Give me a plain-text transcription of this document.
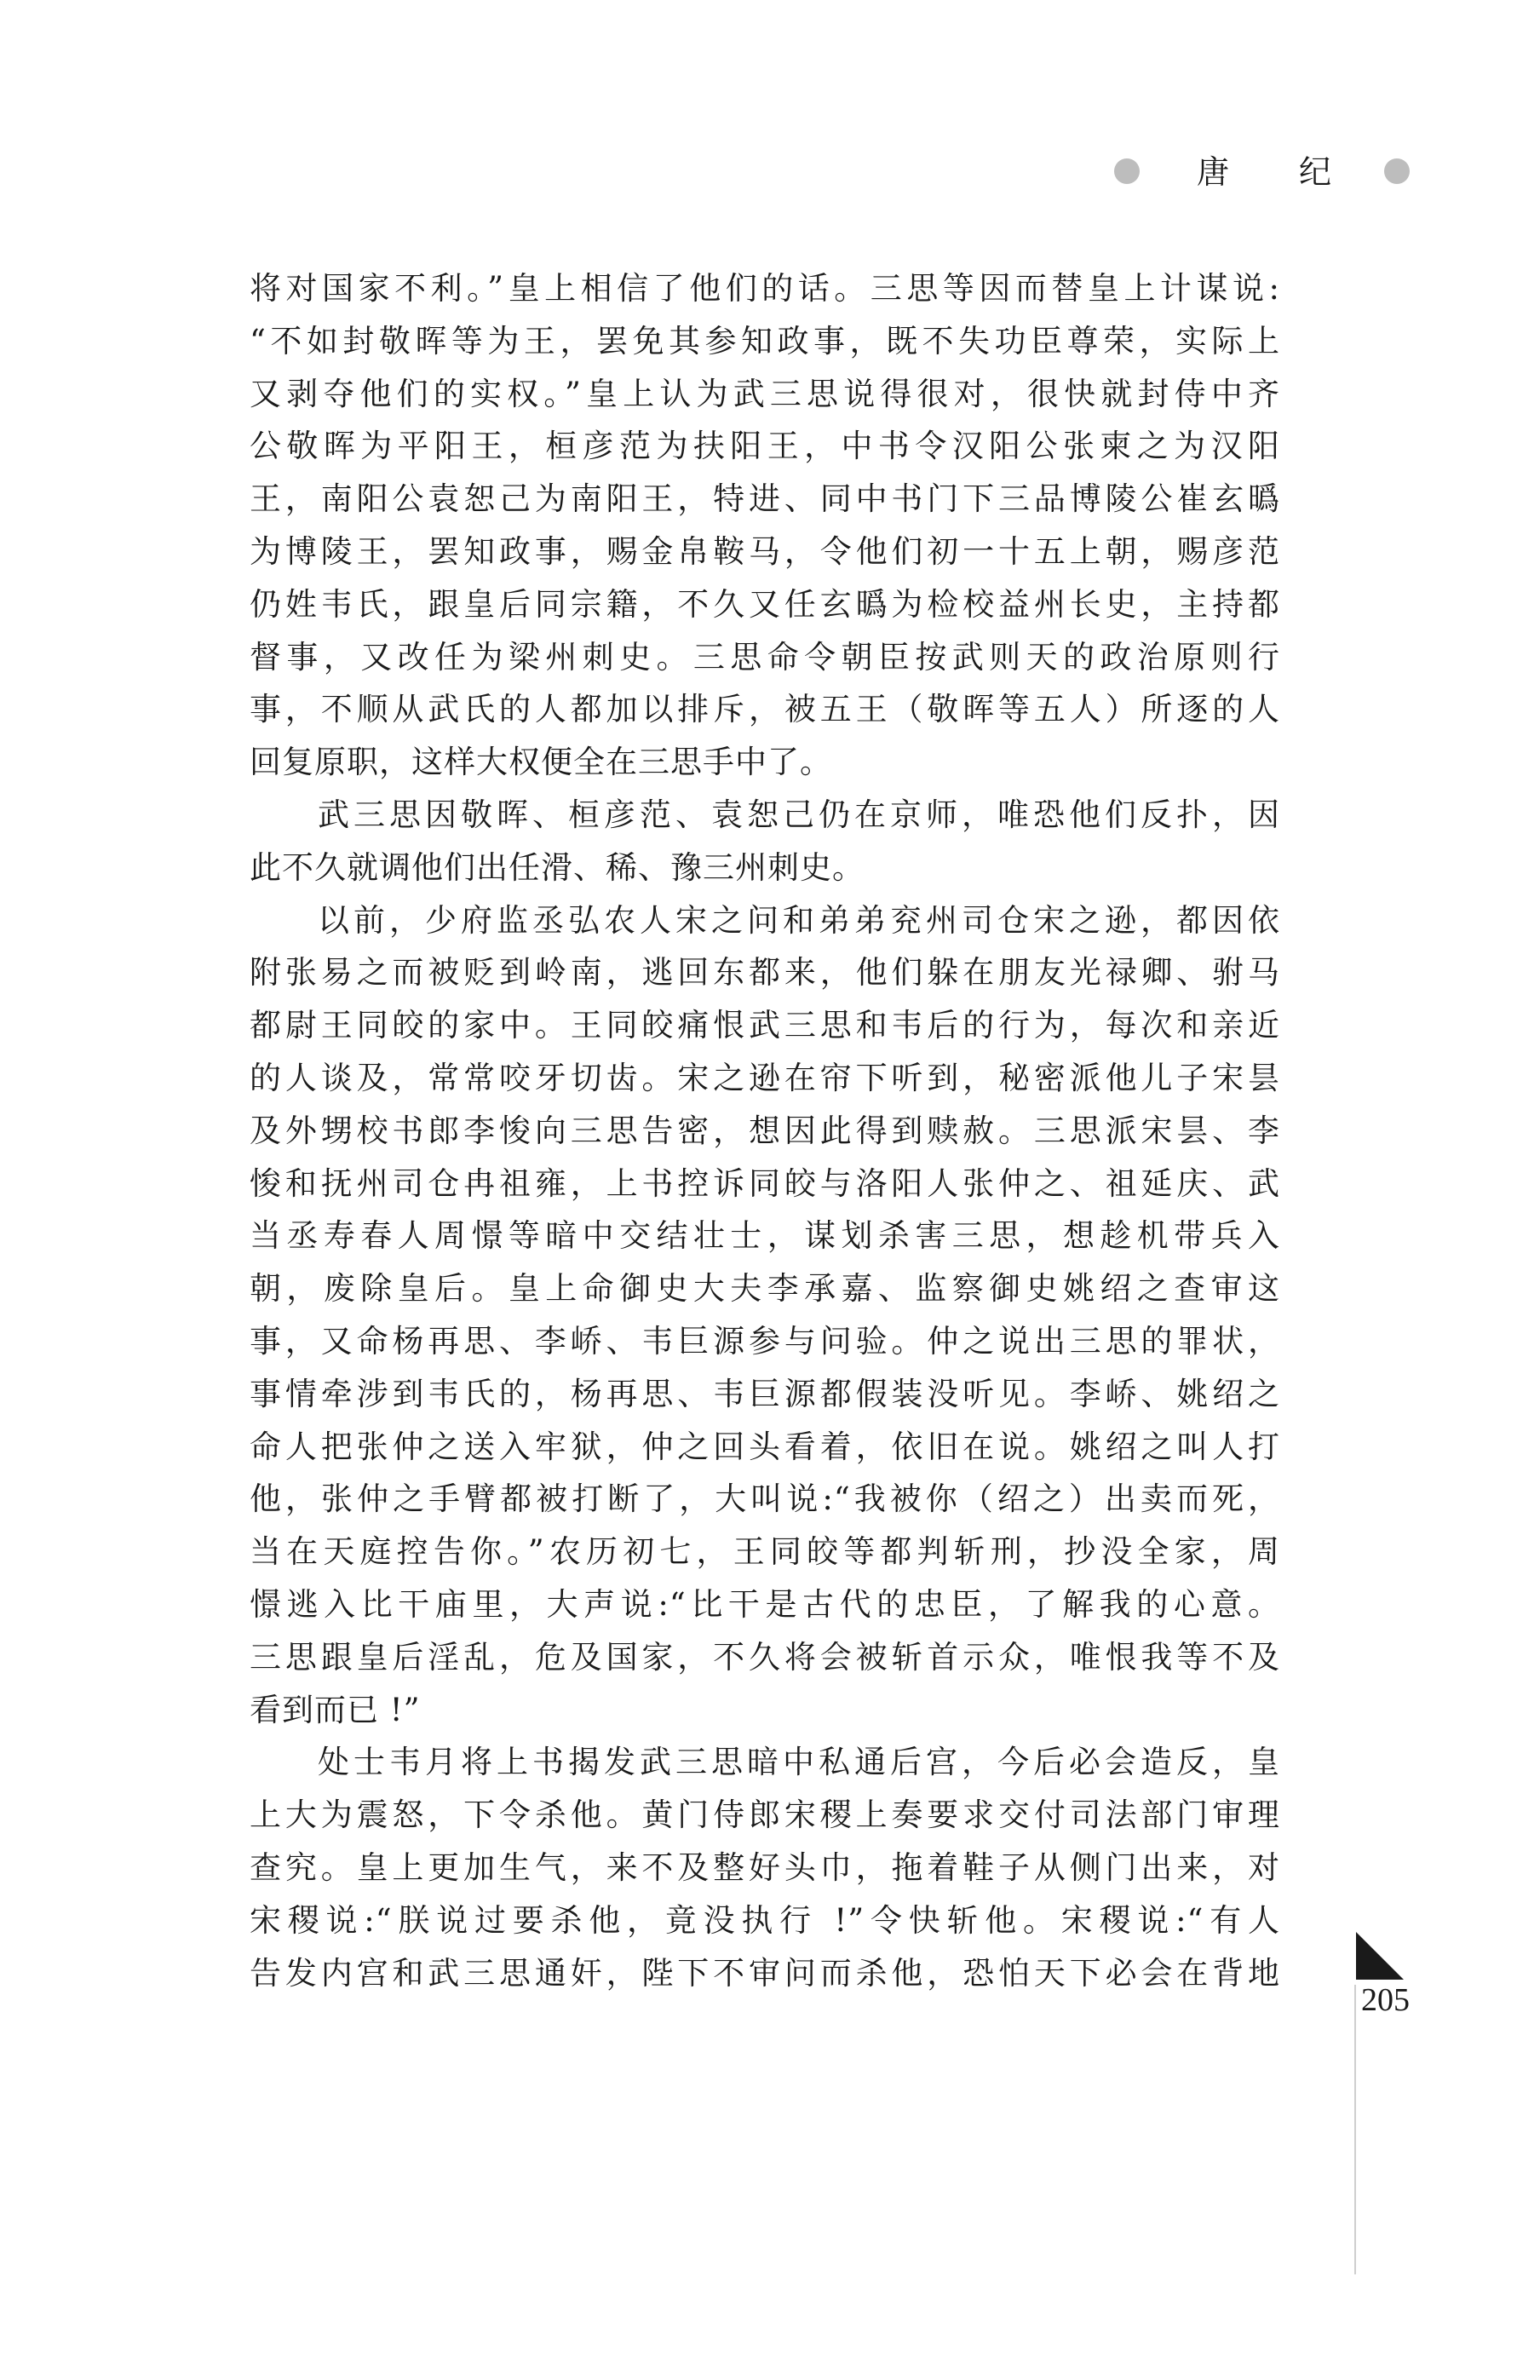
唐 纪

将对国家不利。”皇上相信了他们的话。三思等因而替皇上计谋说:
“不如封敬晖等为王，罢免其参知政事，既不失功臣尊荣，实际上
又剥夺他们的实权。”皇上认为武三思说得很对，很快就封侍中齐
公敬晖为平阳王，桓彦范为扶阳王，中书令汉阳公张柬之为汉阳
王，南阳公袁恕己为南阳王，特进、同中书门下三品博陵公崔玄㬙
为博陵王，罢知政事，赐金帛鞍马，令他们初一十五上朝，赐彦范
仍姓韦氏，跟皇后同宗籍，不久又任玄㬙为检校益州长史，主持都
督事，又改任为梁州刺史。三思命令朝臣按武则天的政治原则行
事，不顺从武氏的人都加以排斥，被五王（敬晖等五人）所逐的人
回复原职，这样大权便全在三思手中了。

武三思因敬晖、桓彦范、袁恕己仍在京师，唯恐他们反扑，因
此不久就调他们出任滑、稀、豫三州刺史。

以前，少府监丞弘农人宋之问和弟弟兖州司仓宋之逊，都因依
附张易之而被贬到岭南，逃回东都来，他们躲在朋友光禄卿、驸马
都尉王同皎的家中。王同皎痛恨武三思和韦后的行为，每次和亲近
的人谈及，常常咬牙切齿。宋之逊在帘下听到，秘密派他儿子宋昙
及外甥校书郎李悛向三思告密，想因此得到赎赦。三思派宋昙、李
悛和抚州司仓冉祖雍，上书控诉同皎与洛阳人张仲之、祖延庆、武
当丞寿春人周憬等暗中交结壮士，谋划杀害三思，想趁机带兵入
朝，废除皇后。皇上命御史大夫李承嘉、监察御史姚绍之查审这
事，又命杨再思、李峤、韦巨源参与问验。仲之说出三思的罪状，
事情牵涉到韦氏的，杨再思、韦巨源都假装没听见。李峤、姚绍之
命人把张仲之送入牢狱，仲之回头看着，依旧在说。姚绍之叫人打
他，张仲之手臂都被打断了，大叫说:“我被你（绍之）出卖而死，
当在天庭控告你。”农历初七，王同皎等都判斩刑，抄没全家，周
憬逃入比干庙里，大声说:“比干是古代的忠臣，了解我的心意。
三思跟皇后淫乱，危及国家，不久将会被斩首示众，唯恨我等不及
看到而已 !”

处士韦月将上书揭发武三思暗中私通后宫，今后必会造反，皇
上大为震怒，下令杀他。黄门侍郎宋稷上奏要求交付司法部门审理
查究。皇上更加生气，来不及整好头巾，拖着鞋子从侧门出来，对
宋稷说:“朕说过要杀他，竟没执行 !”令快斩他。宋稷说:“有人
告发内宫和武三思通奸，陛下不审问而杀他，恐怕天下必会在背地

205
